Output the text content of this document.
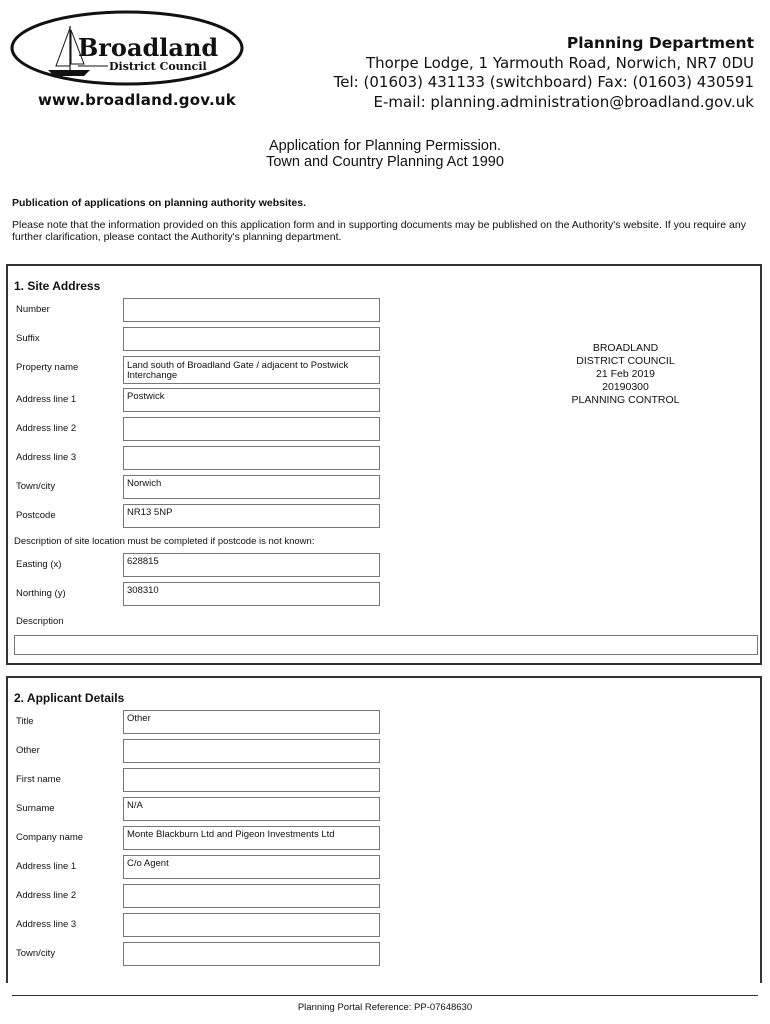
Broadland
District Council
www.broadland.gov.uk
Planning Department
Thorpe Lodge, 1 Yarmouth Road, Norwich, NR7 0DU
Tel: (01603) 431133 (switchboard) Fax: (01603) 430591
E-mail: planning.administration@broadland.gov.uk
Application for Planning Permission.
Town and Country Planning Act 1990
Publication of applications on planning authority websites.
Please note that the information provided on this application form and in supporting documents may be published on the Authority's website. If you require any further clarification, please contact the Authority's planning department.
1. Site Address
Number
Suffix
Property name	Land south of Broadland Gate / adjacent to Postwick Interchange
Address line 1	Postwick
Address line 2
Address line 3
Town/city	Norwich
Postcode	NR13 5NP
Description of site location must be completed if postcode is not known:
Easting (x)	628815
Northing (y)	308310
Description
BROADLAND
DISTRICT COUNCIL
21 Feb 2019
20190300
PLANNING CONTROL
2. Applicant Details
Title	Other
Other
First name
Surname	N/A
Company name	Monte Blackburn Ltd and Pigeon Investments Ltd
Address line 1	C/o Agent
Address line 2
Address line 3
Town/city
Planning Portal Reference: PP-07648630
